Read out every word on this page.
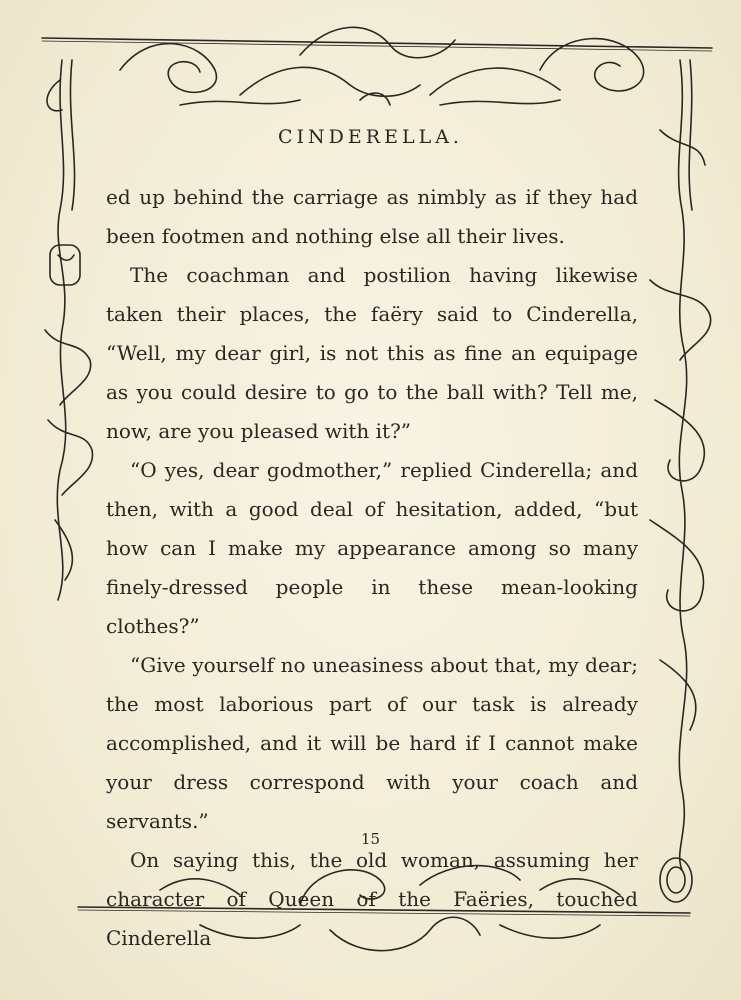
CINDERELLA.

ed up behind the carriage as nimbly as if they had been footmen and nothing else all their lives.

The coachman and postilion having likewise taken their places, the faëry said to Cinderella, “Well, my dear girl, is not this as fine an equipage as you could desire to go to the ball with? Tell me, now, are you pleased with it?”

“O yes, dear godmother,” replied Cinderella; and then, with a good deal of hesitation, added, “but how can I make my appearance among so many finely-dressed people in these mean-looking clothes?”

“Give yourself no uneasiness about that, my dear; the most laborious part of our task is already accomplished, and it will be hard if I cannot make your dress correspond with your coach and servants.”

On saying this, the old woman, assuming her character of Queen of the Faëries, touched Cinderella

15
